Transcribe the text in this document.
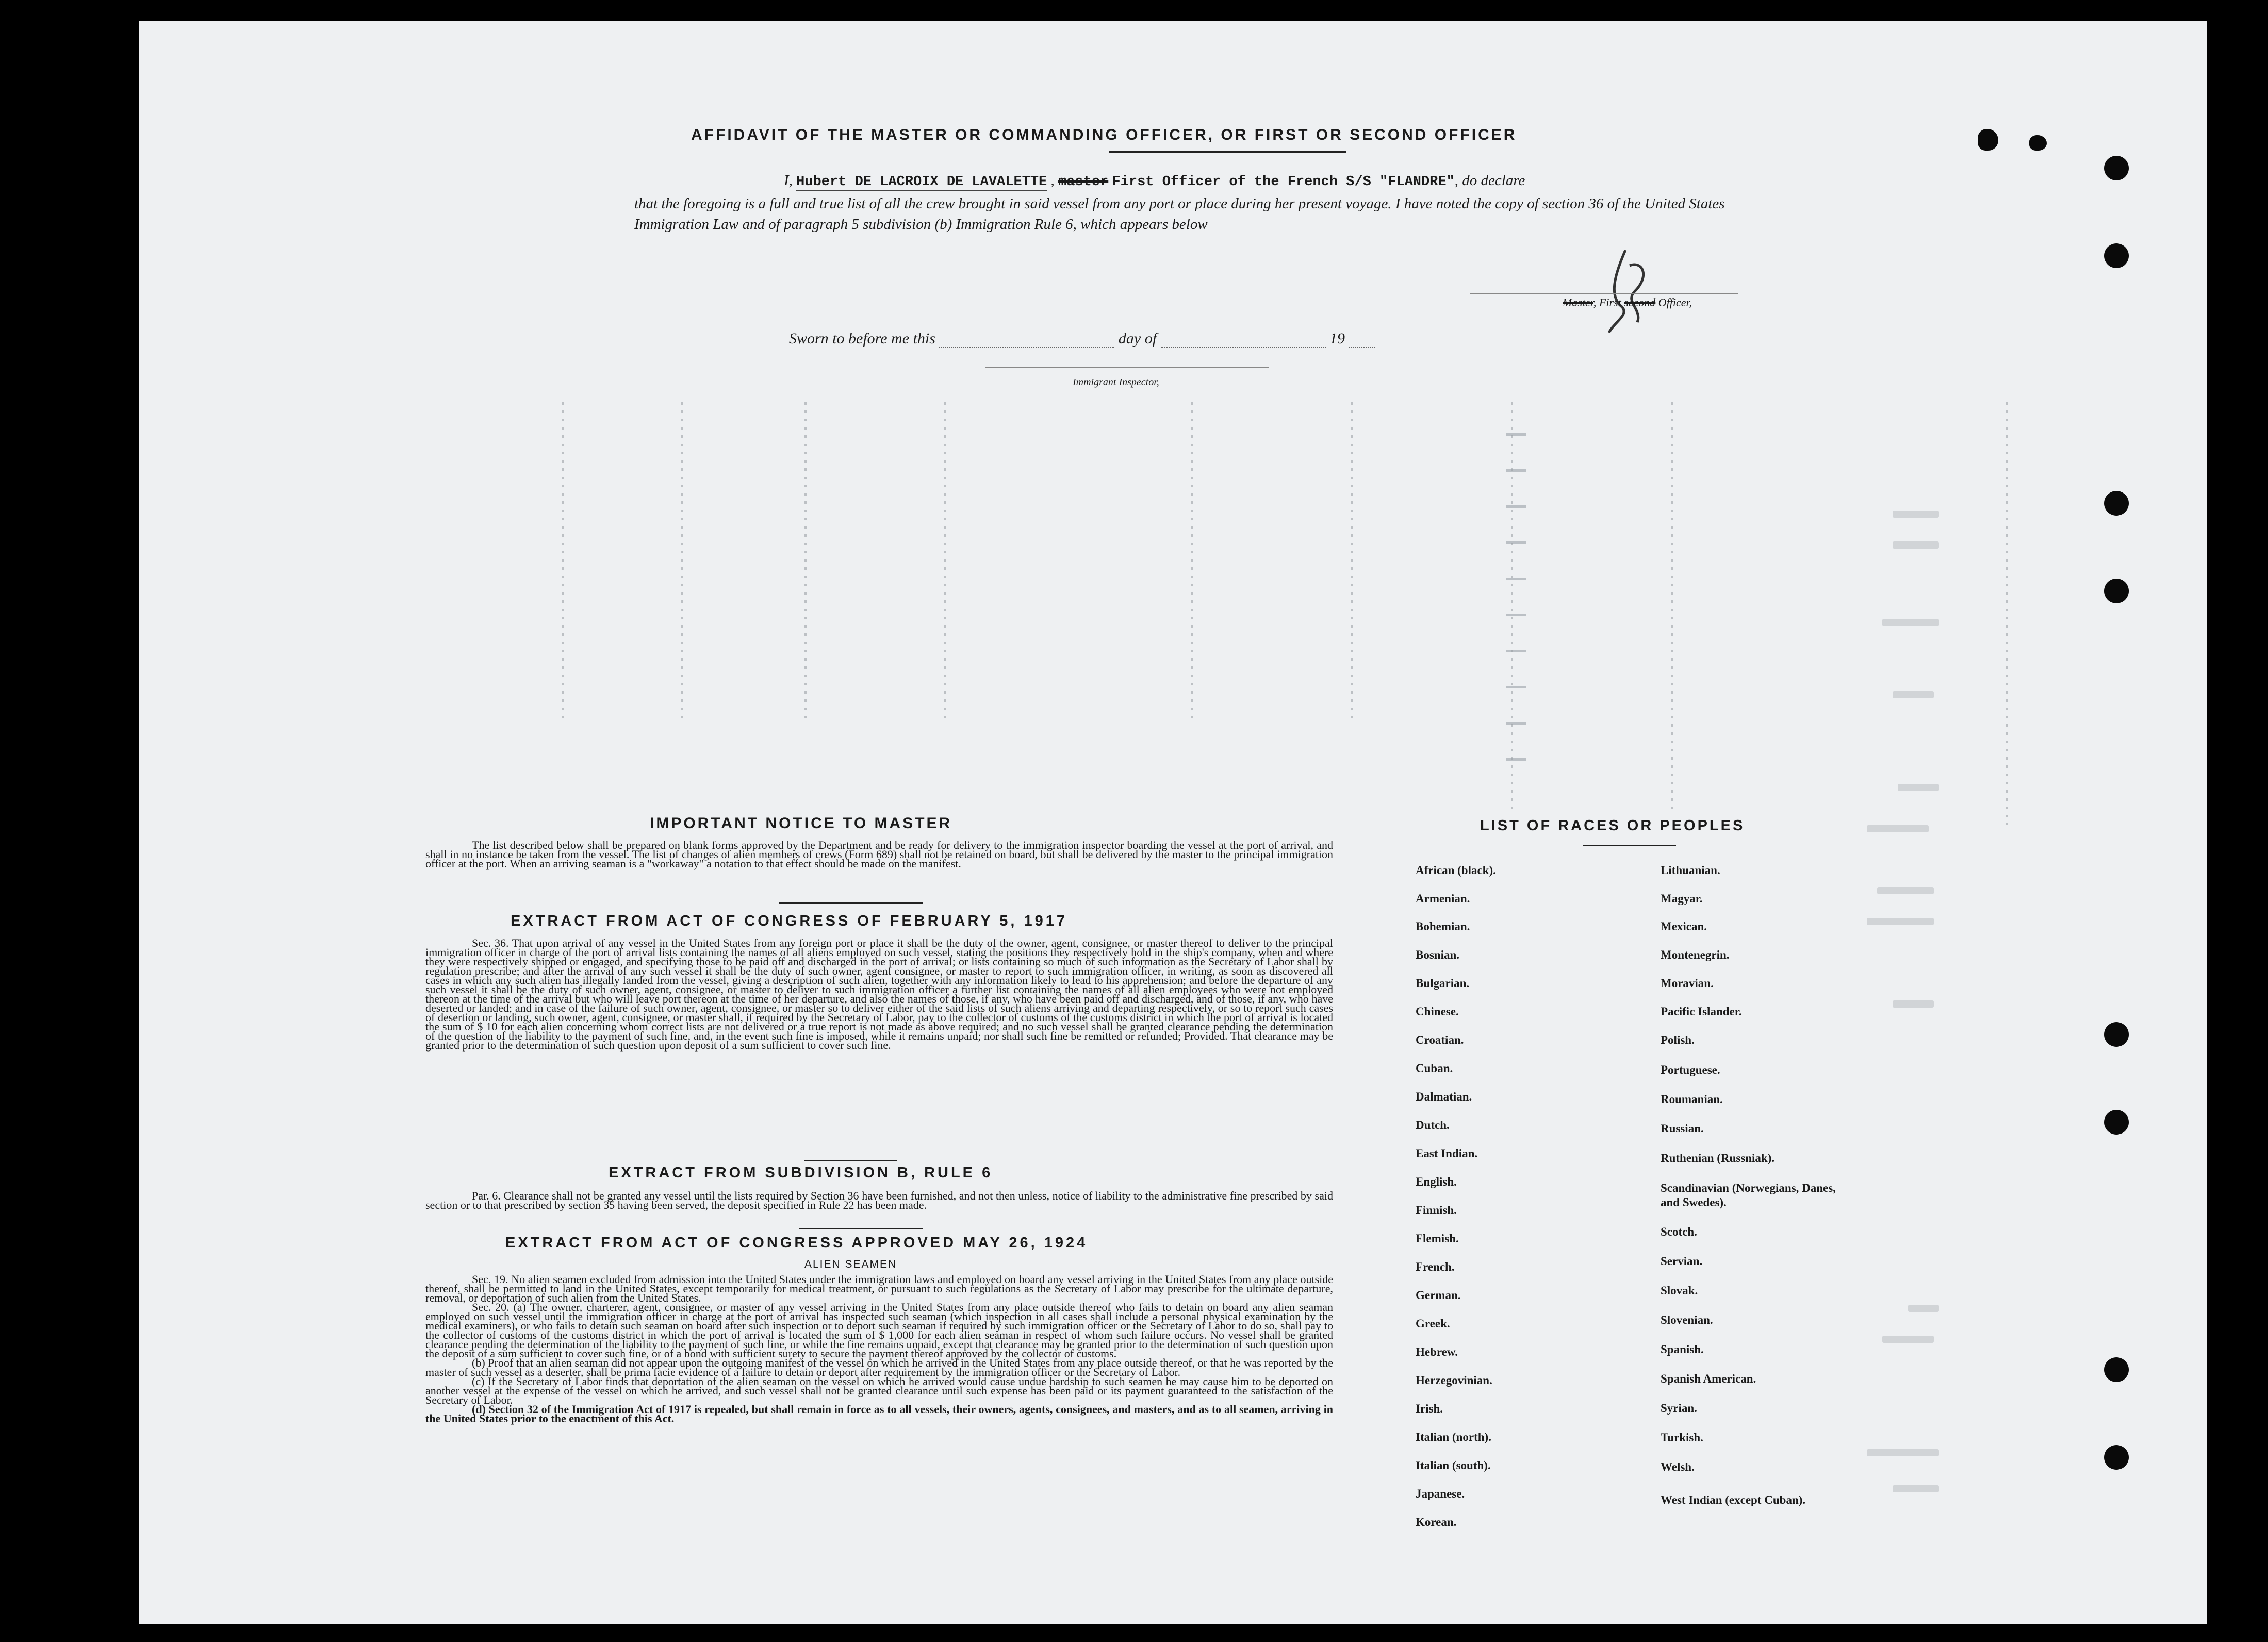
AFFIDAVIT OF THE MASTER OR COMMANDING OFFICER, OR FIRST OR SECOND OFFICER
I, Hubert DE LACROIX DE LAVALETTE , master First Officer of the French S/S "FLANDRE", do declare
that the foregoing is a full and true list of all the crew brought in said vessel from any port or place during her present voyage. I have noted the copy of section 36 of the United States Immigration Law and of paragraph 5 subdivision (b) Immigration Rule 6, which appears below
Master, First second Officer,
Sworn to before me this	day of	19
Immigrant Inspector,
IMPORTANT NOTICE TO MASTER

The list described below shall be prepared on blank forms approved by the Department and be ready for delivery to the immigration inspector boarding the vessel at the port of arrival, and shall in no instance be taken from the vessel. The list of changes of alien members of crews (Form 689) shall not be retained on board, but shall be delivered by the master to the principal immigration officer at the port. When an arriving seaman is a "workaway" a notation to that effect should be made on the manifest.

EXTRACT FROM ACT OF CONGRESS OF FEBRUARY 5, 1917

Sec. 36. That upon arrival of any vessel in the United States from any foreign port or place it shall be the duty of the owner, agent, consignee, or master thereof to deliver to the principal immigration officer in charge of the port of arrival lists containing the names of all aliens employed on such vessel, stating the positions they respectively hold in the ship's company, when and where they were respectively shipped or engaged, and specifying those to be paid off and discharged in the port of arrival; or lists containing so much of such information as the Secretary of Labor shall by regulation prescribe; and after the arrival of any such vessel it shall be the duty of such owner, agent consignee, or master to report to such immigration officer, in writing, as soon as discovered all cases in which any such alien has illegally landed from the vessel, giving a description of such alien, together with any information likely to lead to his apprehension; and before the departure of any such vessel it shall be the duty of such owner, agent, consignee, or master to deliver to such immigration officer a further list containing the names of all alien employees who were not employed thereon at the time of the arrival but who will leave port thereon at the time of her departure, and also the names of those, if any, who have been paid off and discharged, and of those, if any, who have deserted or landed; and in case of the failure of such owner, agent, consignee, or master so to deliver either of the said lists of such aliens arriving and departing respectively, or so to report such cases of desertion or landing, such owner, agent, consignee, or master shall, if required by the Secretary of Labor, pay to the collector of customs of the customs district in which the port of arrival is located the sum of $ 10 for each alien concerning whom correct lists are not delivered or a true report is not made as above required; and no such vessel shall be granted clearance pending the determination of the question of the liability to the payment of such fine, and, in the event such fine is imposed, while it remains unpaid; nor shall such fine be remitted or refunded; Provided. That clearance may be granted prior to the determination of such question upon deposit of a sum sufficient to cover such fine.

EXTRACT FROM SUBDIVISION B, RULE 6

Par. 6. Clearance shall not be granted any vessel until the lists required by Section 36 have been furnished, and not then unless, notice of liability to the administrative fine prescribed by said section or to that prescribed by section 35 having been served, the deposit specified in Rule 22 has been made.

EXTRACT FROM ACT OF CONGRESS APPROVED MAY 26, 1924
ALIEN SEAMEN

Sec. 19. No alien seamen excluded from admission into the United States under the immigration laws and employed on board any vessel arriving in the United States from any place outside thereof, shall be permitted to land in the United States, except temporarily for medical treatment, or pursuant to such regulations as the Secretary of Labor may prescribe for the ultimate departure, removal, or deportation of such alien from the United States.

Sec. 20. (a) The owner, charterer, agent, consignee, or master of any vessel arriving in the United States from any place outside thereof who fails to detain on board any alien seaman employed on such vessel until the immigration officer in charge at the port of arrival has inspected such seaman (which inspection in all cases shall include a personal physical examination by the medical examiners), or who fails to detain such seaman on board after such inspection or to deport such seaman if required by such immigration officer or the Secretary of Labor to do so, shall pay to the collector of customs of the customs district in which the port of arrival is located the sum of $ 1,000 for each alien seaman in respect of whom such failure occurs. No vessel shall be granted clearance pending the determination of the liability to the payment of such fine, or while the fine remains unpaid, except that clearance may be granted prior to the determination of such question upon the deposit of a sum sufficient to cover such fine, or of a bond with sufficient surety to secure the payment thereof approved by the collector of customs.

(b) Proof that an alien seaman did not appear upon the outgoing manifest of the vessel on which he arrived in the United States from any place outside thereof, or that he was reported by the master of such vessel as a deserter, shall be prima facie evidence of a failure to detain or deport after requirement by the immigration officer or the Secretary of Labor.

(c) If the Secretary of Labor finds that deportation of the alien seaman on the vessel on which he arrived would cause undue hardship to such seamen he may cause him to be deported on another vessel at the expense of the vessel on which he arrived, and such vessel shall not be granted clearance until such expense has been paid or its payment guaranteed to the satisfaction of the Secretary of Labor.

(d) Section 32 of the Immigration Act of 1917 is repealed, but shall remain in force as to all vessels, their owners, agents, consignees, and masters, and as to all seamen, arriving in the United States prior to the enactment of this Act.

LIST OF RACES OR PEOPLES
African (black).
Armenian.
Bohemian.
Bosnian.
Bulgarian.
Chinese.
Croatian.
Cuban.
Dalmatian.
Dutch.
East Indian.
English.
Finnish.
Flemish.
French.
German.
Greek.
Hebrew.
Herzegovinian.
Irish.
Italian (north).
Italian (south).
Japanese.
Korean.
Lithuanian.
Magyar.
Mexican.
Montenegrin.
Moravian.
Pacific Islander.
Polish.
Portuguese.
Roumanian.
Russian.
Ruthenian (Russniak).
Scandinavian (Norwegians, Danes, and Swedes).
Scotch.
Servian.
Slovak.
Slovenian.
Spanish.
Spanish American.
Syrian.
Turkish.
Welsh.
West Indian (except Cuban).
